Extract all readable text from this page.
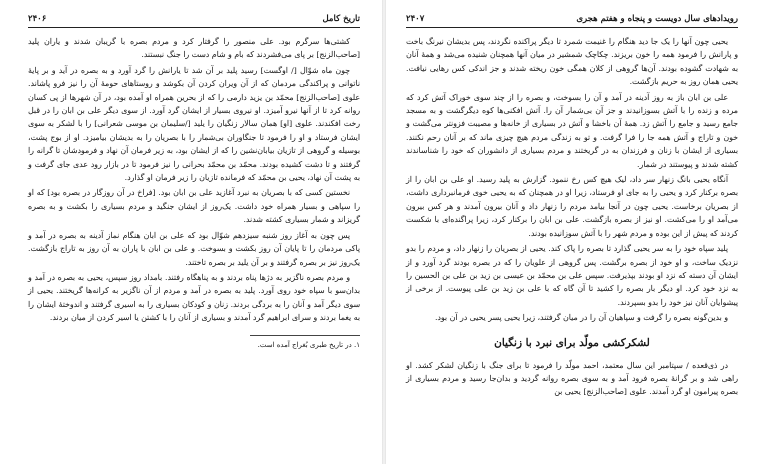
تاریخ کامل
۲۴۰۶

کشتی‌ها سرگرم بود. علی منصور را گرفتار کرد و مردم بصره با گریبان شدند و یاران پلید [صاحب‌الزنج] بر پای می‌فشردند که بام و شام دست را جنگ نبستند.

چون ماه شوّال [/ اوگست] رسید پلید بر آن شد تا یارانش را گرد آورد و به بصره در آید و بر پایهٔ ناتوانی و پراکندگی مردمان که از آن ویران کردن آن بکوشد و روستاهای حومهٔ آن را نیز فرو پاشاند. علوی [صاحب‌الزنج] محمّد بن یزید دارمی را که از بحرین همراه او آمده بود، در آن شهرها از پی کسان روانه کرد تا از آنها نیرو آمیزد. او نیروی بسیار از ایشان گرد آورد. از سوی دیگر علی بن ابان را در قبل رخت افکندند. علوی [او] همان سالار زنگیان را یلید [/سلیمان بن موسی شعرانی] را با لشکر به سوی ایشان فرستاد و او را فرمود تا جنگاوران بی‌شمار را با بصریان را به بدیشان بیامیزد. او از بوج پشت، بوسیله و گروهی از تازیان بیابان‌نشین را که از ایشان بود، به زیر فرمان آن نهاد و فرمودشان تا گرانه را گرفتند و تا دشت کشیده بودند. محمّد بن محمّد بحرانی را نیز فرمود تا در بازار رود عدی جای گرفت و به پشت آن نهاد، یحیی بن محمّد که فرمانده تازیان را زیر فرمان او گذارد.

نخستین کسی که با بصریان به نبرد آغازید علی بن ابان بود. [فراخ در آن روزگار در بصره بود] که او را سپاهی و بسیار همراه خود داشت. یک‌روز از ایشان جنگید و مردم بسیاری را بکشت و به بصره گریزاند و شمار بسیاری کشته شدند.

پس چون به آغاز روز شنبه سیزدهم شوّال بود که علی بن ابان هنگام نماز آدینه به بصره در آمد و پاکی مردمان را تا پایان آن روز بکشت و بسوخت. و علی بن ابان با پاران به آن روز به تاراج بازگشت. یک‌روز نیز بر بصره گرفتند و بر آن یلید بر بصره تاختند.

و مردم بصره ناگزیر به دژها پناه بردند و به پناهگاه رفتند. بامداد روز سپس، یحیی به بصره در آمد و بدان‌سو با سپاه خود روی آورد. پلید به بصره در آمد و مردم از آن ناگزیر به کرانه‌ها گریختند. یحیی از سوی دیگر آمد و آنان را به بردگی بردند. زنان و کودکان بسیاری را به اسیری گرفتند و اندوختهٔ ایشان را به یغما بردند و سرای ابراهیم گرد آمدند و بسیاری از آنان را با کشتن یا اسیر کردن از میان بردند.

۱. در تاریخ طبری بُغراج آمده است.
رویدادهای سال دویست و پنجاه و هفتم هجری
۲۴۰۷

یحیی چون آنها را یک جا دید هنگام را غنیمت شمرد تا دیگر پراکنده نگردند، پس بدیشان نیرنگ باخت و پارانش را فرمود همه را خون بریزند. چکاچک شمشیر در میان آنها همچنان شنیده می‌شد و همهٔ آنان به شهادت گشوده بودند. آن‌ها گروهی از کلان همگی خون ریخته شدند و جز اندکی کس رهایی نیافت. یحیی همان روز به حریم بازگشت.

علی بن ابان باز به روز آدینه در آمد و آن را بسوخت، و بصره را از چند سوی خوراک آتش کرد که مرده و زنده را با آتش بسوزانیدند و جز آن بی‌شمار آن را. آتش افکنی‌ها کوه دیگرگشت و به مسجد جامع رسید و جامع را آتش زد. همهٔ آن باخشا و آتش در بسیاری از خانه‌ها و مصیبت فزونتر می‌گشت و خون و تاراج و آتش همه جا را فرا گرفت. و تو به زندگی مردم هیچ چیزی ماند که بر آنان رحم نکنند. بسیاری از ایشان با زنان و فرزندان به در گریختند و مردم بسیاری از دانشوران که خود را شناساندند کشته شدند و پیوستند در شمار.

آنگاه یحیی بانگ زنهار سر داد، لیک هیچ کس رخ ننمود. گزارش به پلید رسید. او علی بن ابان را از بصره برکنار کرد و یحیی را به جای او فرستاد، زیرا او در همچنان که به یحیی خوی فرمانبرداری داشت، از بصریان برخاست. یحیی چون در آنجا بیامد مردم را زنهار داد و آنان بیرون آمدند و هر کس بیرون می‌آمد او را می‌کشت. او نیز از بصره بازگشت. علی بن ابان را برکنار کرد، زیرا پراگنده‌ای با شکست کردند که پیش از این بوده و مردم شهر را با آتش سوزانیده بودند.

پلید سپاه خود را به سر یحیی گذارد تا بصره را پاک کند. یحیی از بصریان را زنهار داد، و مردم را بدو نزدیک ساخت، و او خود از بصره برگشت. پس گروهی از علویان را که در بصره بودند گرد آورد و از ایشان آن دسته که نزد او بودند بپذیرفت. سپس علی بن محمّد بن عیسی بن زید بن علی بن الحسین را به نزد خود کرد. او دیگر بار بصره را کشید تا آن گاه که با علی بن زید بن علی پیوست. از برخی از پیشوایان آنان نیز خود را بدو بسپردند.

و بدین‌گونه بصره را گرفت و سپاهیان آن را در میان گرفتند، زیرا یحیی پسر یحیی در آن بود.

لشکرکشی مولّد برای نبرد با زنگیان

در ذی‌قعده / سپتامبر این سال معتمد، احمد مولّد را فرمود تا برای جنگ با زنگیان لشکر کشد. او راهی شد و بر گرانهٔ بصره فرود آمد و به سوی بصره روانه گردید و بدان‌جا رسید و مردم بسیاری از بصره پیرامون او گرد آمدند. علوی [صاحب‌الزنج] یحیی بن
